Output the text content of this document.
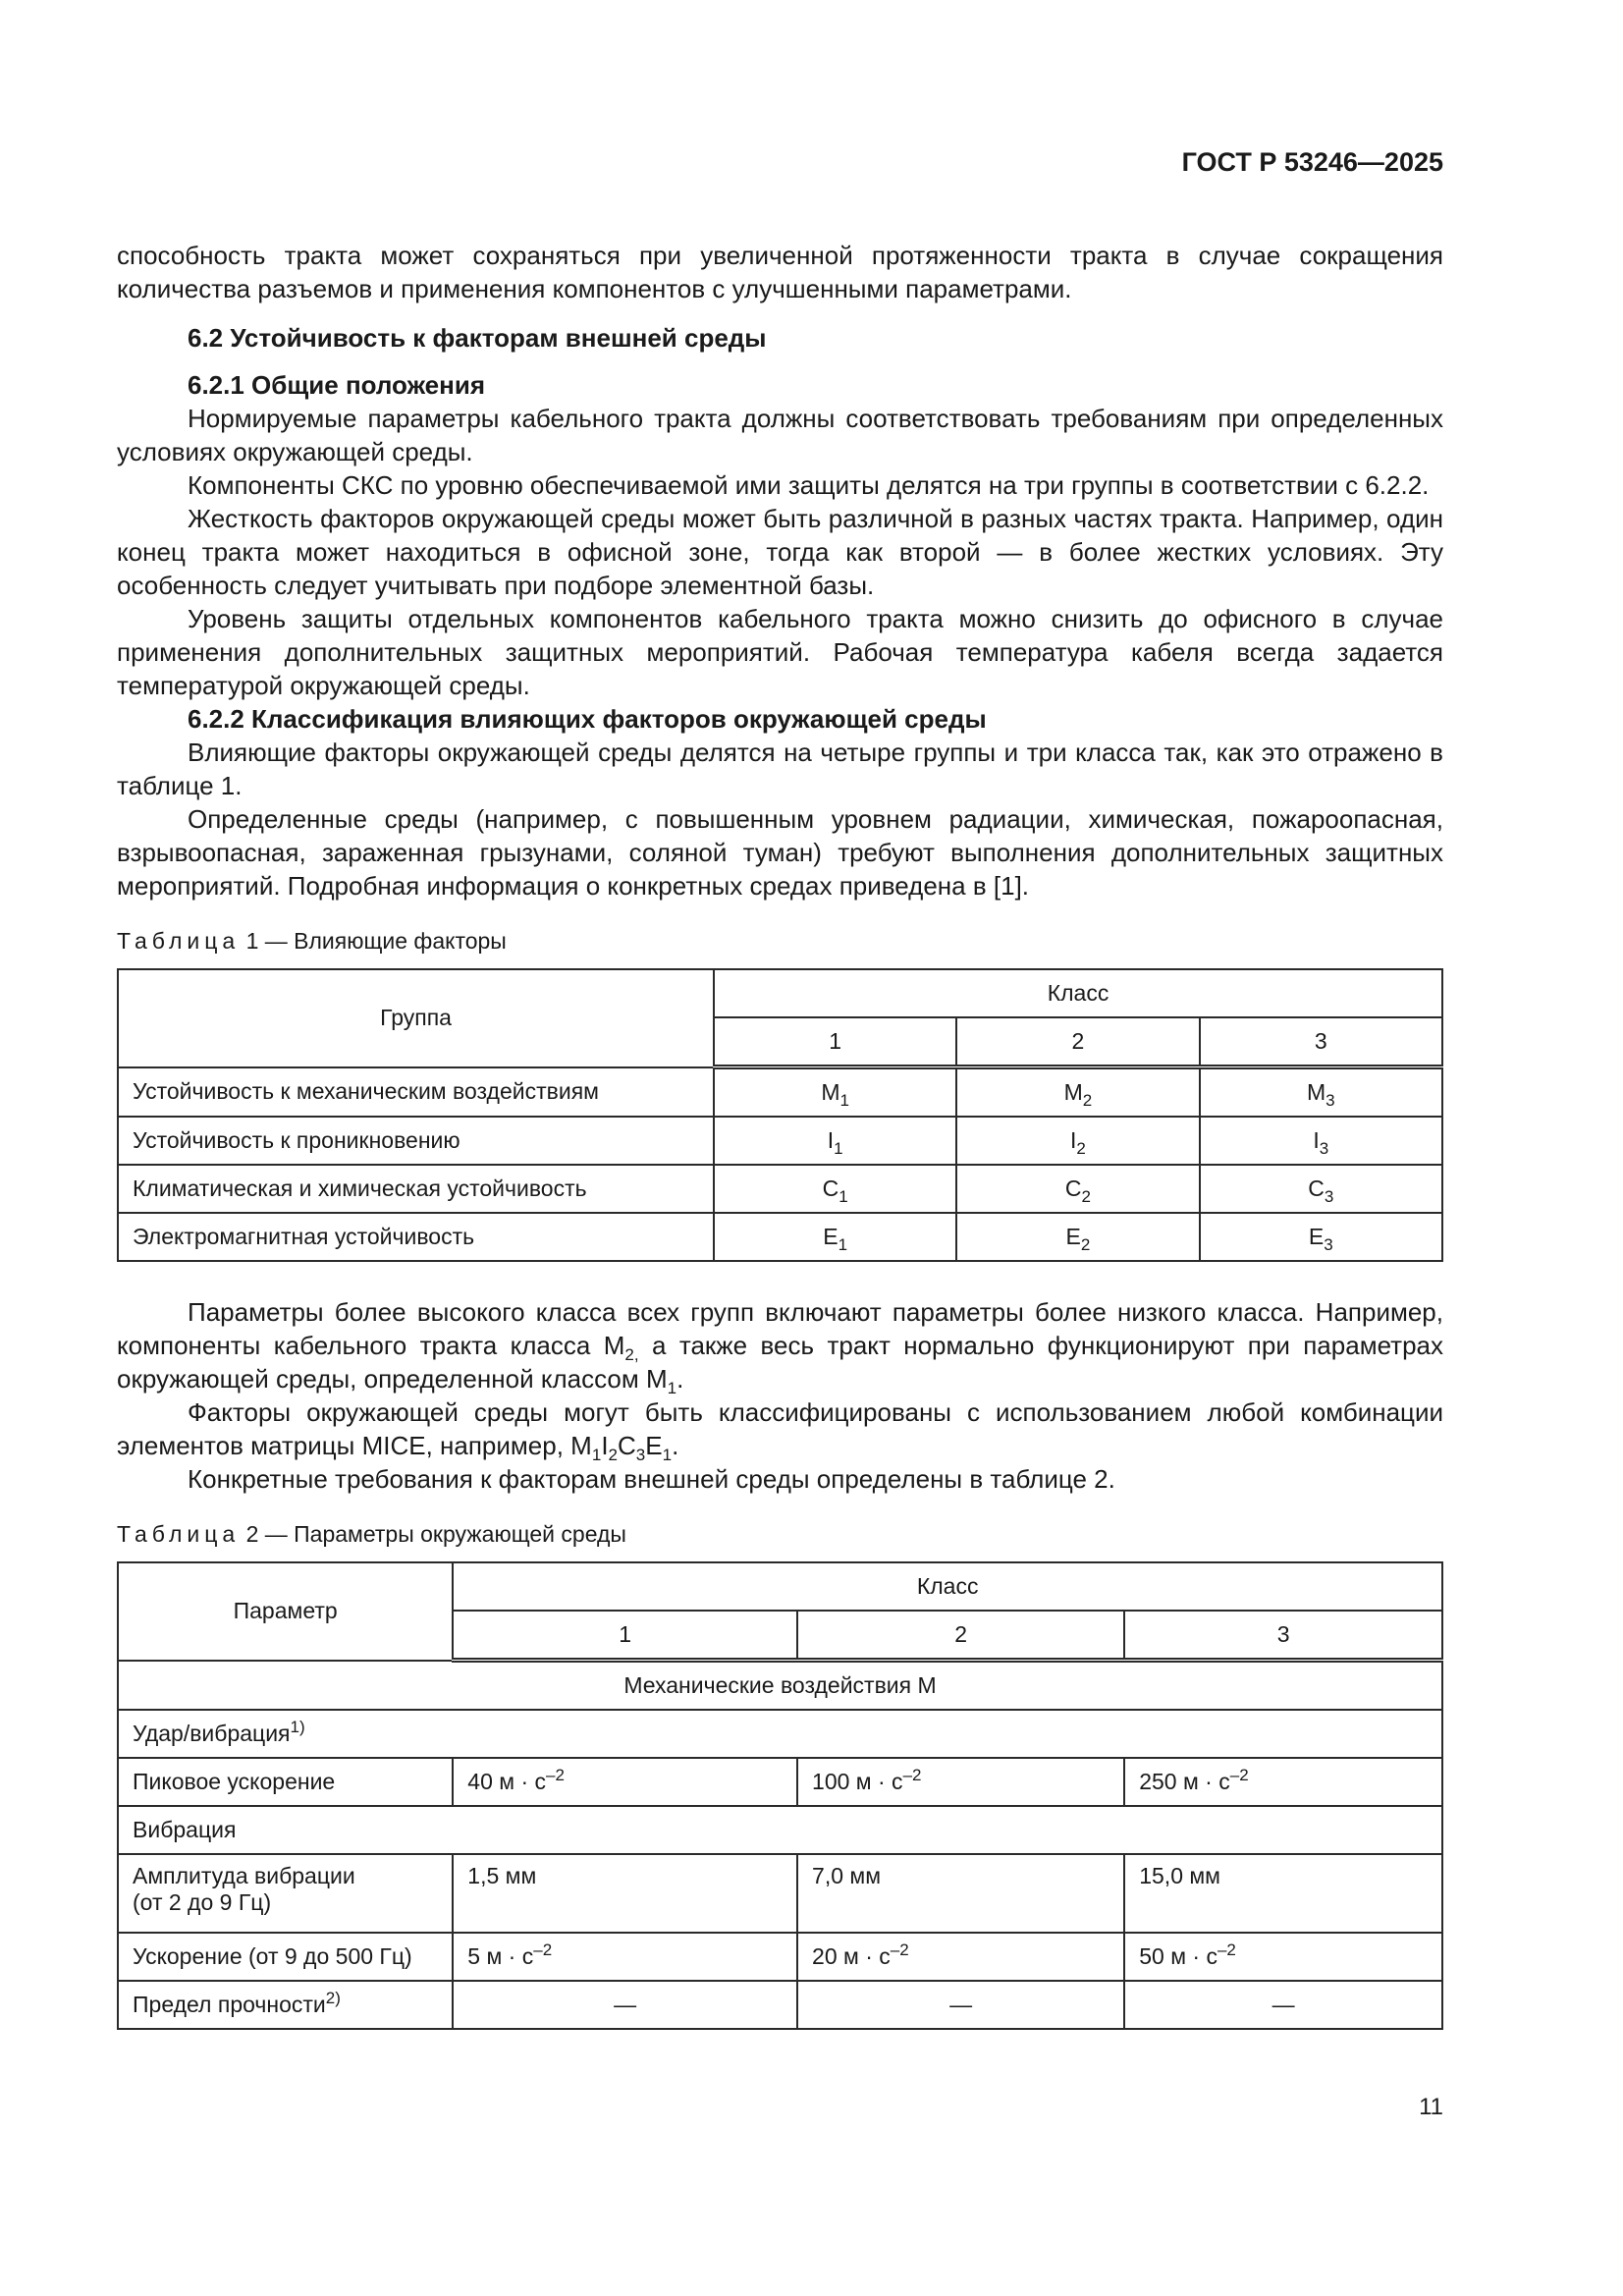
ГОСТ Р 53246—2025

способность тракта может сохраняться при увеличенной протяженности тракта в случае сокращения количества разъемов и применения компонентов с улучшенными параметрами.

6.2 Устойчивость к факторам внешней среды

6.2.1 Общие положения

Нормируемые параметры кабельного тракта должны соответствовать требованиям при определенных условиях окружающей среды.

Компоненты СКС по уровню обеспечиваемой ими защиты делятся на три группы в соответствии с 6.2.2.

Жесткость факторов окружающей среды может быть различной в разных частях тракта. Например, один конец тракта может находиться в офисной зоне, тогда как второй — в более жестких условиях. Эту особенность следует учитывать при подборе элементной базы.

Уровень защиты отдельных компонентов кабельного тракта можно снизить до офисного в случае применения дополнительных защитных мероприятий. Рабочая температура кабеля всегда задается температурой окружающей среды.

6.2.2 Классификация влияющих факторов окружающей среды

Влияющие факторы окружающей среды делятся на четыре группы и три класса так, как это отражено в таблице 1.

Определенные среды (например, с повышенным уровнем радиации, химическая, пожароопасная, взрывоопасная, зараженная грызунами, соляной туман) требуют выполнения дополнительных защитных мероприятий. Подробная информация о конкретных средах приведена в [1].

Таблица 1 — Влияющие факторы
Группа	Класс		
	1	2	3
Устойчивость к механическим воздействиям	$M_1$	$M_2$	$M_3$
Устойчивость к проникновению	$I_1$	$I_2$	$I_3$
Климатическая и химическая устойчивость	$C_1$	$C_2$	$C_3$
Электромагнитная устойчивость	$E_1$	$E_2$	$E_3$

Параметры более высокого класса всех групп включают параметры более низкого класса. Например, компоненты кабельного тракта класса $М_{2,}$ а также весь тракт нормально функционируют при параметрах окружающей среды, определенной классом $М_1$.

Факторы окружающей среды могут быть классифицированы с использованием любой комбинации элементов матрицы MICE, например, $M_1I_2C_3E_1$.

Конкретные требования к факторам внешней среды определены в таблице 2.

Таблица 2 — Параметры окружающей среды
Параметр	Класс		
	1	2	3
Механические воздействия М			
Удар/вибрация$^{1)}$
Пиковое ускорение	40 $м \cdot с^{-2}$	100 $м \cdot с^{-2}$	250 $м \cdot с^{-2}$
Вибрация			
Амплитуда вибрации
(от 2 до 9 Гц)	1,5 мм	7,0 мм	15,0 мм
Ускорение (от 9 до 500 Гц)	5 $м \cdot с^{-2}$	20 $м \cdot с^{-2}$	50 $м \cdot с^{-2}$
Предел прочности$^{2)}$	—	—	—
11
